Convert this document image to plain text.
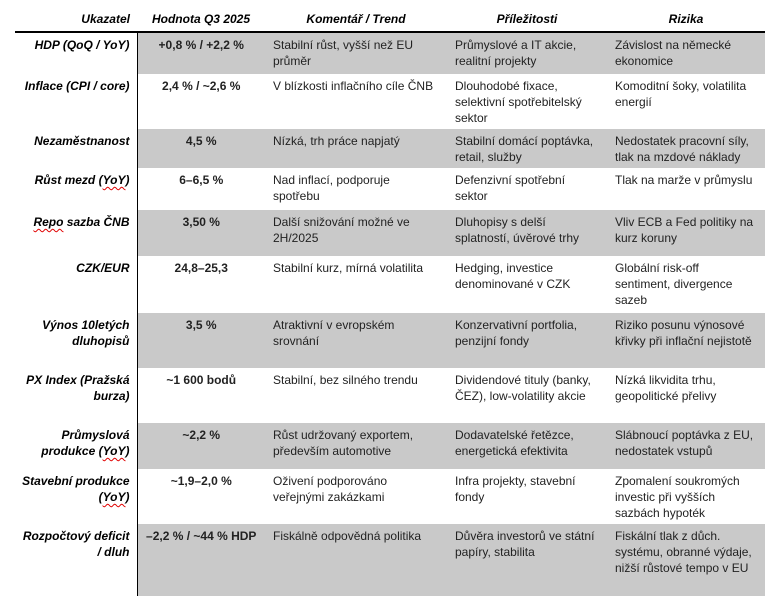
Ukazatel	Hodnota Q3 2025	Komentář / Trend	Příležitosti	Rizika
HDP (QoQ / YoY)	+0,8 % / +2,2 %	Stabilní růst, vyšší než EU průměr	Průmyslové a IT akcie, realitní projekty	Závislost na německé ekonomice
Inflace (CPI / core)	2,4 % / ~2,6 %	V blízkosti inflačního cíle ČNB	Dlouhodobé fixace, selektivní spotřebitelský sektor	Komoditní šoky, volatilita energií
Nezaměstnanost	4,5 %	Nízká, trh práce napjatý	Stabilní domácí poptávka, retail, služby	Nedostatek pracovní síly, tlak na mzdové náklady
Růst mezd (YoY)	6–6,5 %	Nad inflací, podporuje spotřebu	Defenzivní spotřební sektor	Tlak na marže v průmyslu
Repo sazba ČNB	3,50 %	Další snižování možné ve 2H/2025	Dluhopisy s delší splatností, úvěrové trhy	Vliv ECB a Fed politiky na kurz koruny
CZK/EUR	24,8–25,3	Stabilní kurz, mírná volatilita	Hedging, investice denominované v CZK	Globální risk-off sentiment, divergence sazeb
Výnos 10letých dluhopisů	3,5 %	Atraktivní v evropském srovnání	Konzervativní portfolia, penzijní fondy	Riziko posunu výnosové křivky při inflační nejistotě
PX Index (Pražská burza)	~1 600 bodů	Stabilní, bez silného trendu	Dividendové tituly (banky, ČEZ), low-volatility akcie	Nízká likvidita trhu, geopolitické přelivy
Průmyslová produkce (YoY)	~2,2 %	Růst udržovaný exportem, především automotive	Dodavatelské řetězce, energetická efektivita	Slábnoucí poptávka z EU, nedostatek vstupů
Stavební produkce (YoY)	~1,9–2,0 %	Oživení podporováno veřejnými zakázkami	Infra projekty, stavební fondy	Zpomalení soukromých investic při vyšších sazbách hypoték
Rozpočtový deficit / dluh	–2,2 % / ~44 % HDP	Fiskálně odpovědná politika	Důvěra investorů ve státní papíry, stabilita	Fiskální tlak z důch. systému, obranné výdaje, nižší růstové tempo v EU
